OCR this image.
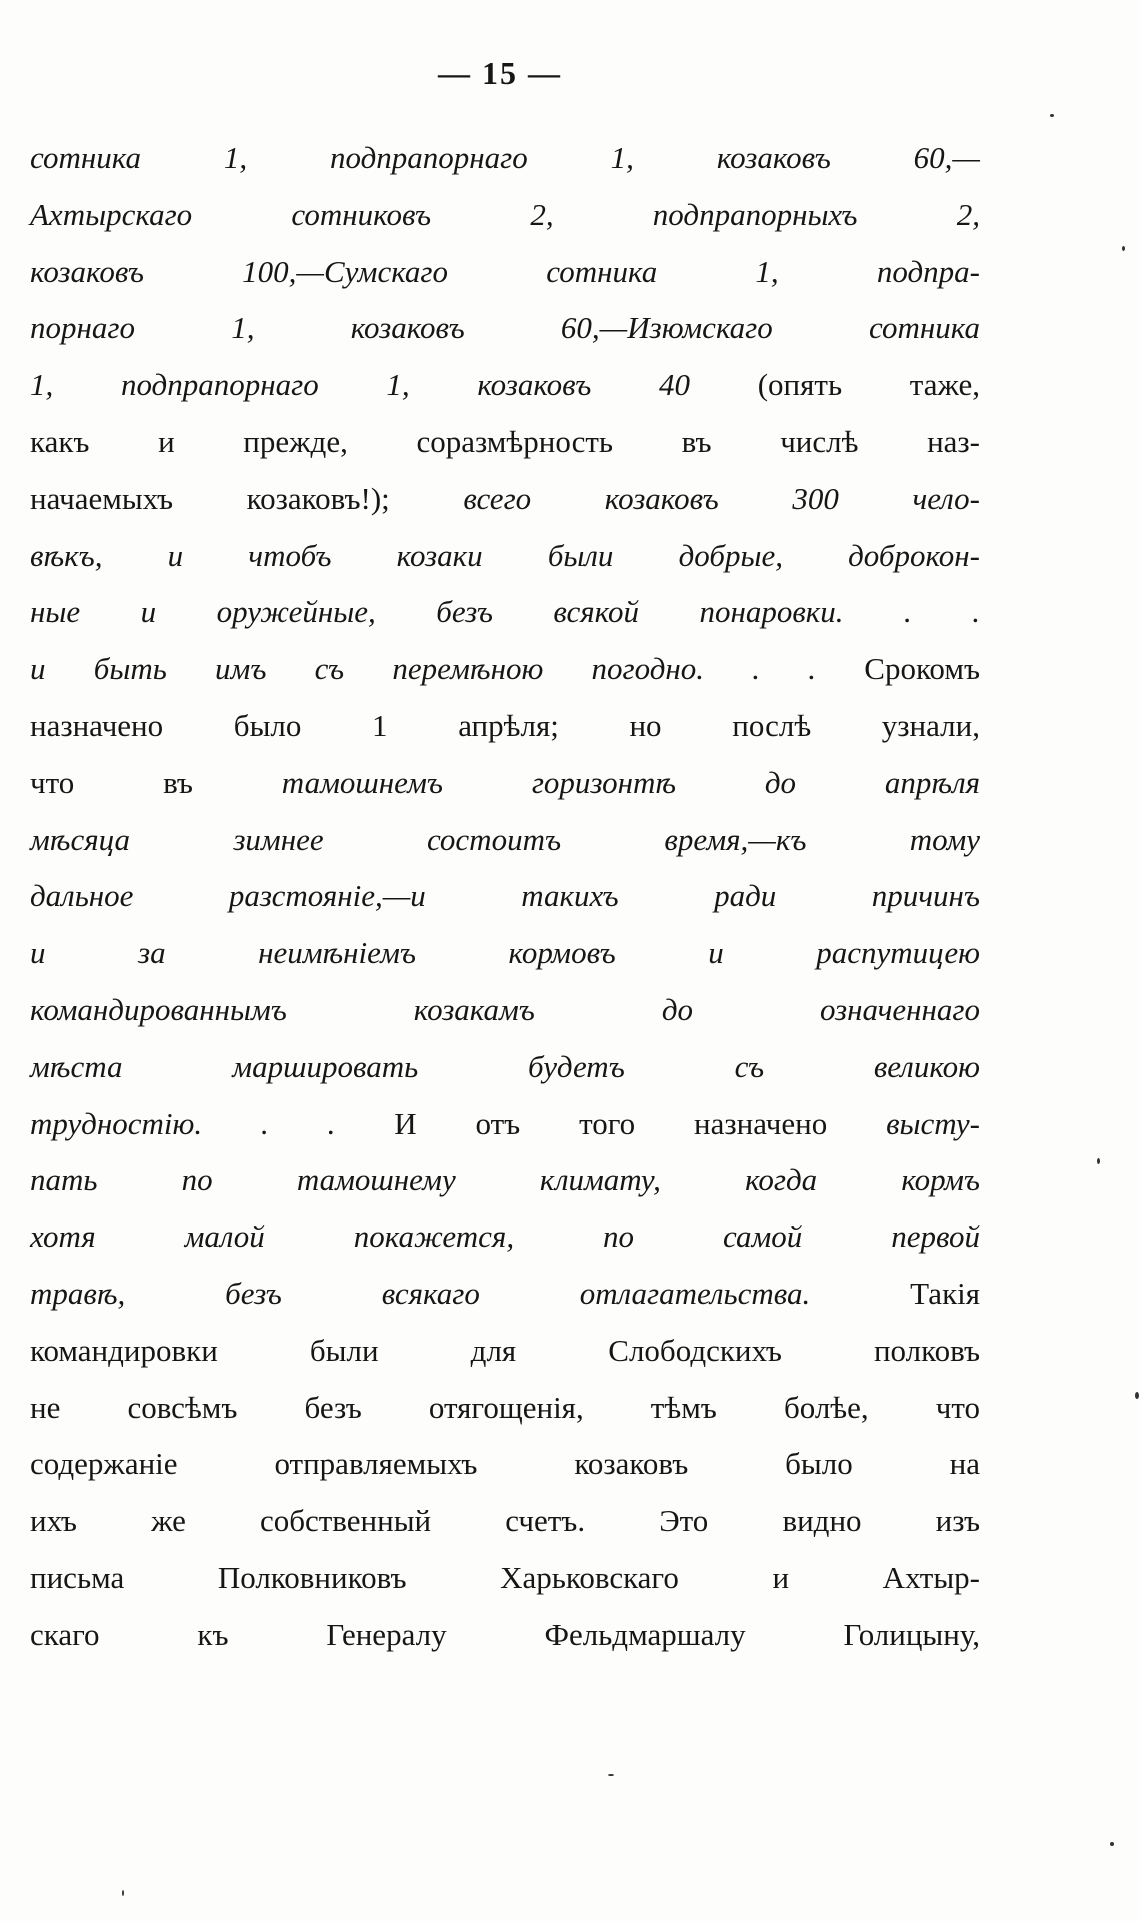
— 15 —
сотника 1, подпрапорнаго 1, козаковъ 60,—
Ахтырскаго сотниковъ 2, подпрапорныхъ 2,
козаковъ 100,—Сумскаго сотника 1, подпра-
порнаго 1, козаковъ 60,—Изюмскаго сотника
1, подпрапорнаго 1, козаковъ 40 (опять таже,
какъ и прежде, соразмѣрность въ числѣ наз-
начаемыхъ козаковъ!); всего козаковъ 300 чело-
вѣкъ, и чтобъ козаки были добрые, доброкон-
ные и оружейные, безъ всякой понаровки. . .
и быть имъ съ перемѣною погодно. . . Срокомъ
назначено было 1 апрѣля; но послѣ узнали,
что въ тамошнемъ горизонтѣ до апрѣля
мѣсяца зимнее состоитъ время,—къ тому
дальное разстояніе,—и такихъ ради причинъ
и за неимѣніемъ кормовъ и распутицею
командированнымъ козакамъ до означеннаго
мѣста маршировать будетъ съ великою
трудностію. . . И отъ того назначено высту-
пать по тамошнему климату, когда кормъ
хотя малой покажется, по самой первой
травѣ, безъ всякаго отлагательства. Такія
командировки были для Слободскихъ полковъ
не совсѣмъ безъ отягощенія, тѣмъ болѣе, что
содержаніе отправляемыхъ козаковъ было на
ихъ же собственный счетъ. Это видно изъ
письма Полковниковъ Харьковскаго и Ахтыр-
скаго къ Генералу Фельдмаршалу Голицыну,
